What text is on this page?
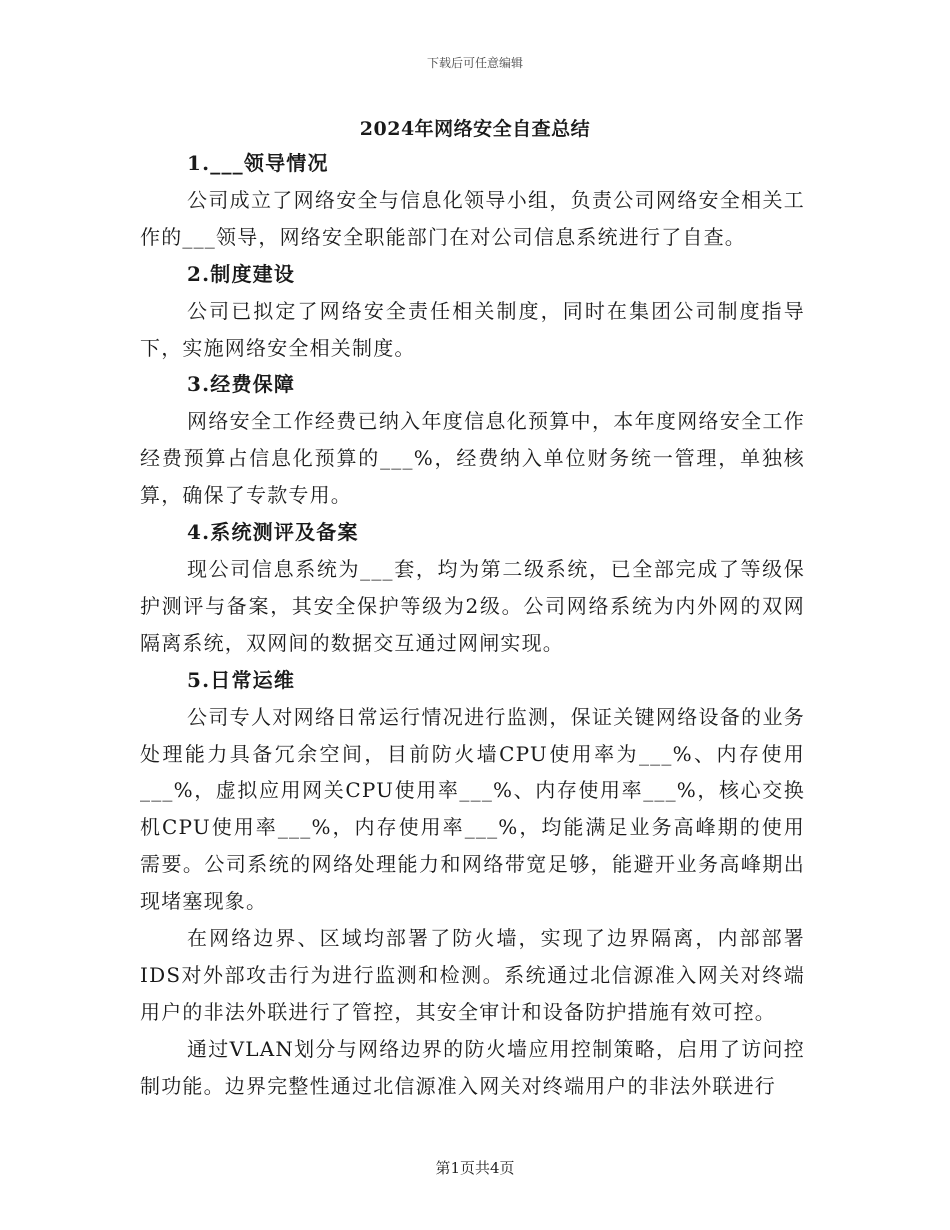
下载后可任意编辑
2024年网络安全自查总结
1.___领导情况

公司成立了网络安全与信息化领导小组，负责公司网络安全相关工作的___领导，网络安全职能部门在对公司信息系统进行了自查。

2.制度建设

公司已拟定了网络安全责任相关制度，同时在集团公司制度指导下，实施网络安全相关制度。

3.经费保障

网络安全工作经费已纳入年度信息化预算中，本年度网络安全工作经费预算占信息化预算的___%，经费纳入单位财务统一管理，单独核算，确保了专款专用。

4.系统测评及备案

现公司信息系统为___套，均为第二级系统，已全部完成了等级保护测评与备案，其安全保护等级为2级。公司网络系统为内外网的双网隔离系统，双网间的数据交互通过网闸实现。

5.日常运维

公司专人对网络日常运行情况进行监测，保证关键网络设备的业务处理能力具备冗余空间，目前防火墙CPU使用率为___%、内存使用___%，虚拟应用网关CPU使用率___%、内存使用率___%，核心交换机CPU使用率___%，内存使用率___%，均能满足业务高峰期的使用需要。公司系统的网络处理能力和网络带宽足够，能避开业务高峰期出现堵塞现象。

在网络边界、区域均部署了防火墙，实现了边界隔离，内部部署IDS对外部攻击行为进行监测和检测。系统通过北信源准入网关对终端用户的非法外联进行了管控，其安全审计和设备防护措施有效可控。

通过VLAN划分与网络边界的防火墙应用控制策略，启用了访问控制功能。边界完整性通过北信源准入网关对终端用户的非法外联进行

第1页共4页
